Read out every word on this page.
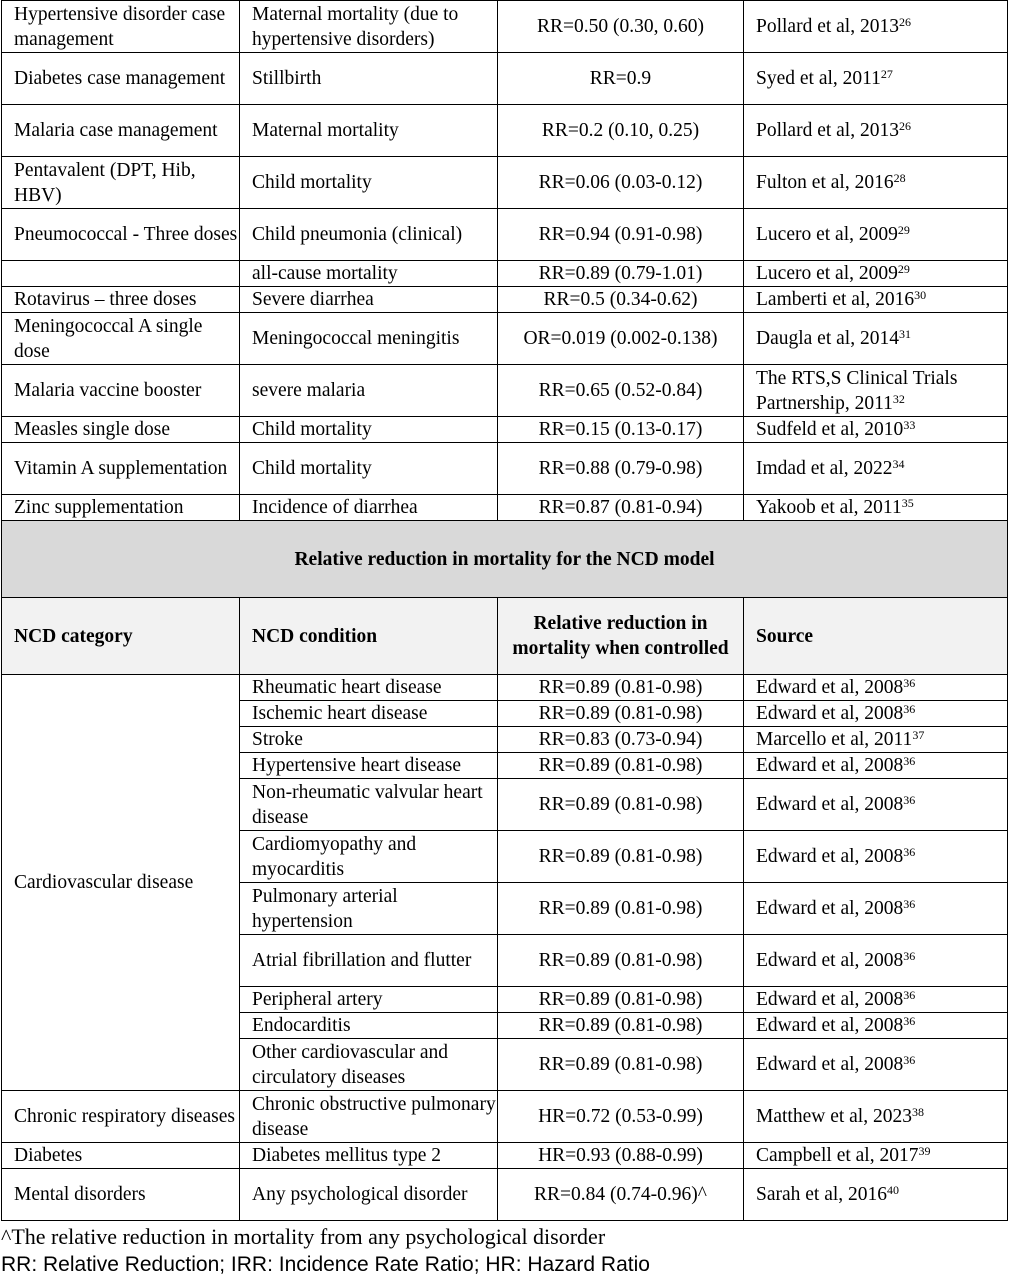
Hypertensive disorder case management	Maternal mortality (due to hypertensive disorders)	RR=0.50 (0.30, 0.60)	Pollard et al, 2013$^{26}$
Diabetes case management	Stillbirth	RR=0.9	Syed et al, 2011$^{27}$
Malaria case management	Maternal mortality	RR=0.2 (0.10, 0.25)	Pollard et al, 2013$^{26}$
Pentavalent (DPT, Hib, HBV)	Child mortality	RR=0.06 (0.03-0.12)	Fulton et al, 2016$^{28}$
Pneumococcal - Three doses	Child pneumonia (clinical)	RR=0.94 (0.91-0.98)	Lucero et al, 2009$^{29}$
	all-cause mortality	RR=0.89 (0.79-1.01)	Lucero et al, 2009$^{29}$
Rotavirus – three doses	Severe diarrhea	RR=0.5 (0.34-0.62)	Lamberti et al, 2016$^{30}$
Meningococcal A single dose	Meningococcal meningitis	OR=0.019 (0.002-0.138)	Daugla et al, 2014$^{31}$
Malaria vaccine booster	severe malaria	RR=0.65 (0.52-0.84)	The RTS,S Clinical Trials Partnership, 2011$^{32}$
Measles single dose	Child mortality	RR=0.15 (0.13-0.17)	Sudfeld et al, 2010$^{33}$
Vitamin A supplementation	Child mortality	RR=0.88 (0.79-0.98)	Imdad et al, 2022$^{34}$
Zinc supplementation	Incidence of diarrhea	RR=0.87 (0.81-0.94)	Yakoob et al, 2011$^{35}$
Relative reduction in mortality for the NCD model			
NCD category	NCD condition	Relative reduction in mortality when controlled	Source
Cardiovascular disease	Rheumatic heart disease	RR=0.89 (0.81-0.98)	Edward et al, 2008$^{36}$
	Ischemic heart disease	RR=0.89 (0.81-0.98)	Edward et al, 2008$^{36}$
	Stroke	RR=0.83 (0.73-0.94)	Marcello et al, 2011$^{37}$
	Hypertensive heart disease	RR=0.89 (0.81-0.98)	Edward et al, 2008$^{36}$
	Non-rheumatic valvular heart disease	RR=0.89 (0.81-0.98)	Edward et al, 2008$^{36}$
	Cardiomyopathy and myocarditis	RR=0.89 (0.81-0.98)	Edward et al, 2008$^{36}$
	Pulmonary arterial hypertension	RR=0.89 (0.81-0.98)	Edward et al, 2008$^{36}$
	Atrial fibrillation and flutter	RR=0.89 (0.81-0.98)	Edward et al, 2008$^{36}$
	Peripheral artery	RR=0.89 (0.81-0.98)	Edward et al, 2008$^{36}$
	Endocarditis	RR=0.89 (0.81-0.98)	Edward et al, 2008$^{36}$
	Other cardiovascular and circulatory diseases	RR=0.89 (0.81-0.98)	Edward et al, 2008$^{36}$
Chronic respiratory diseases	Chronic obstructive pulmonary disease	HR=0.72 (0.53-0.99)	Matthew et al, 2023$^{38}$
Diabetes	Diabetes mellitus type 2	HR=0.93 (0.88-0.99)	Campbell et al, 2017$^{39}$
Mental disorders	Any psychological disorder	RR=0.84 (0.74-0.96)^	Sarah et al, 2016$^{40}$

^The relative reduction in mortality from any psychological disorder

RR: Relative Reduction; IRR: Incidence Rate Ratio; HR: Hazard Ratio
